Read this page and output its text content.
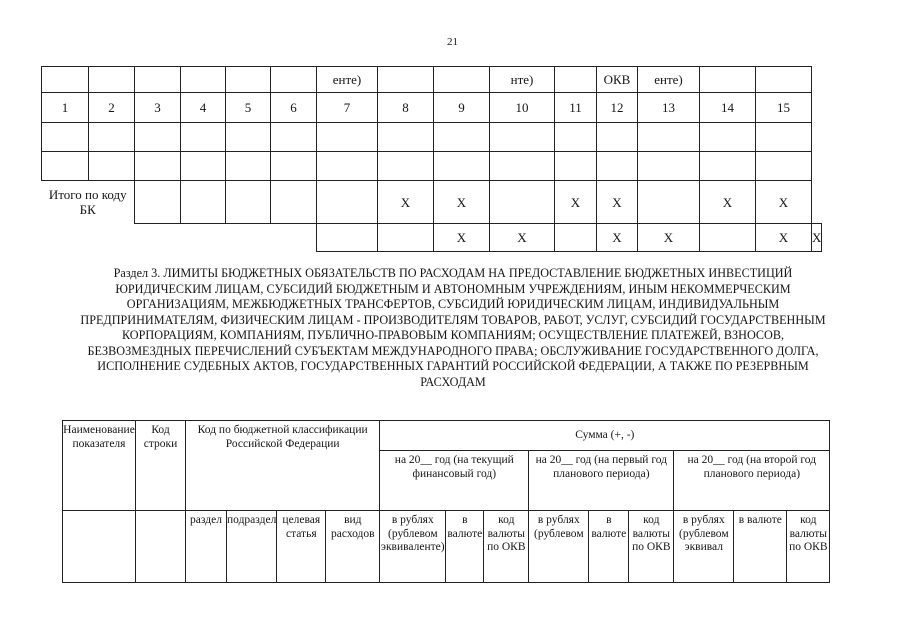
21
						енте)			нте)		ОКВ	енте)			
1	2	3	4	5	6	7	8	9	10	11	12	13	14	15	

Итого по коду БК							X	X		X	X		X	X	
								X	X		X	X		X	X
Раздел 3. ЛИМИТЫ БЮДЖЕТНЫХ ОБЯЗАТЕЛЬСТВ ПО РАСХОДАМ НА ПРЕДОСТАВЛЕНИЕ БЮДЖЕТНЫХ ИНВЕСТИЦИЙ ЮРИДИЧЕСКИМ ЛИЦАМ, СУБСИДИЙ БЮДЖЕТНЫМ И АВТОНОМНЫМ УЧРЕЖДЕНИЯМ, ИНЫМ НЕКОММЕРЧЕСКИМ ОРГАНИЗАЦИЯМ, МЕЖБЮДЖЕТНЫХ ТРАНСФЕРТОВ, СУБСИДИЙ ЮРИДИЧЕСКИМ ЛИЦАМ, ИНДИВИДУАЛЬНЫМ ПРЕДПРИНИМАТЕЛЯМ, ФИЗИЧЕСКИМ ЛИЦАМ - ПРОИЗВОДИТЕЛЯМ ТОВАРОВ, РАБОТ, УСЛУГ, СУБСИДИЙ ГОСУДАРСТВЕННЫМ КОРПОРАЦИЯМ, КОМПАНИЯМ, ПУБЛИЧНО-ПРАВОВЫМ КОМПАНИЯМ; ОСУЩЕСТВЛЕНИЕ ПЛАТЕЖЕЙ, ВЗНОСОВ, БЕЗВОЗМЕЗДНЫХ ПЕРЕЧИСЛЕНИЙ СУБЪЕКТАМ МЕЖДУНАРОДНОГО ПРАВА; ОБСЛУЖИВАНИЕ ГОСУДАРСТВЕННОГО ДОЛГА, ИСПОЛНЕНИЕ СУДЕБНЫХ АКТОВ, ГОСУДАРСТВЕННЫХ ГАРАНТИЙ РОССИЙСКОЙ ФЕДЕРАЦИИ, А ТАКЖЕ ПО РЕЗЕРВНЫМ РАСХОДАМ
Наименование показателя	Код строки	Код по бюджетной классификации Российской Федерации				Сумма (+, -)								
						на 20__ год (на текущий финансовый год)			на 20__ год (на первый год планового периода)			на 20__ год (на второй год планового периода)		
		раздел	подраздел	целевая статья	вид расходов	в рублях (рублевом эквиваленте)	в валюте	код валюты по ОКВ	в рублях (рублевом	в валюте	код валюты по ОКВ	в рублях (рублевом эквивал	в валюте	код валюты по ОКВ
